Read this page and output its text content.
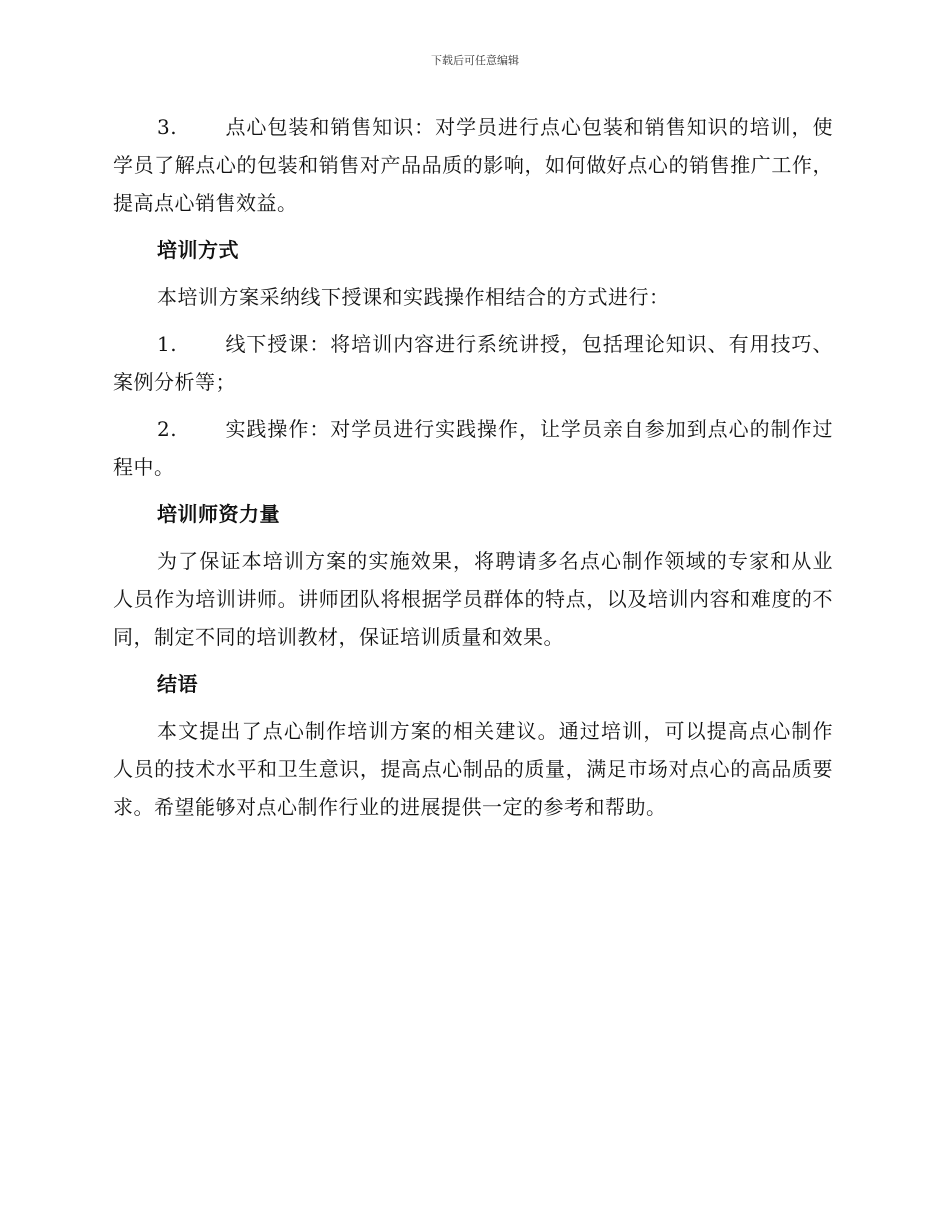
下载后可任意编辑

3. 点心包装和销售知识：对学员进行点心包装和销售知识的培训，使学员了解点心的包装和销售对产品品质的影响，如何做好点心的销售推广工作，提高点心销售效益。

培训方式

本培训方案采纳线下授课和实践操作相结合的方式进行：

1. 线下授课：将培训内容进行系统讲授，包括理论知识、有用技巧、案例分析等；

2. 实践操作：对学员进行实践操作，让学员亲自参加到点心的制作过程中。

培训师资力量

为了保证本培训方案的实施效果，将聘请多名点心制作领域的专家和从业人员作为培训讲师。讲师团队将根据学员群体的特点，以及培训内容和难度的不同，制定不同的培训教材，保证培训质量和效果。

结语

本文提出了点心制作培训方案的相关建议。通过培训，可以提高点心制作人员的技术水平和卫生意识，提高点心制品的质量，满足市场对点心的高品质要求。希望能够对点心制作行业的进展提供一定的参考和帮助。
